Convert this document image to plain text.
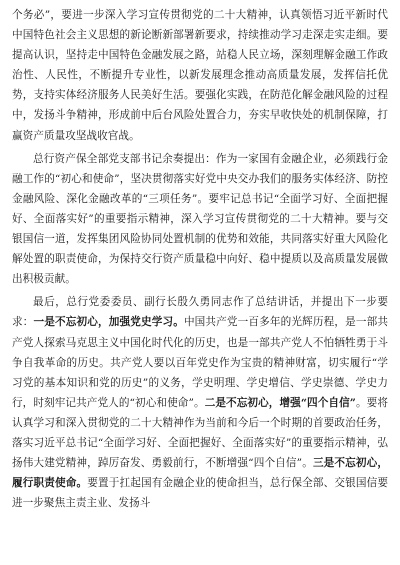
个务必”，要进一步深入学习宣传贯彻党的二十大精神，认真领悟习近平新时代中国特色社会主义思想的新论断新部署新要求，持续推动学习走深走实走细。要提高认识，坚持走中国特色金融发展之路，站稳人民立场，深刻理解金融工作政治性、人民性，不断提升专业性，以新发展理念推动高质量发展，发挥信托优势，支持实体经济服务人民美好生活。要强化实践，在防范化解金融风险的过程中，发扬斗争精神，形成前中后台风险处置合力，夯实早收快处的机制保障，打赢资产质量攻坚战收官战。

总行资产保全部党支部书记余奏提出：作为一家国有金融企业，必须践行金融工作的“初心和使命”，坚决贯彻落实好党中央交办我们的服务实体经济、防控金融风险、深化金融改革的“三项任务”。要牢记总书记“全面学习好、全面把握好、全面落实好”的重要指示精神，深入学习宣传贯彻党的二十大精神。要与交银国信一道，发挥集团风险协同处置机制的优势和效能，共同落实好重大风险化解处置的职责使命，为保持交行资产质量稳中向好、稳中提质以及高质量发展做出积极贡献。

最后，总行党委委员、副行长殷久勇同志作了总结讲话，并提出下一步要求：一是不忘初心，加强党史学习。中国共产党一百多年的光辉历程，是一部共产党人探索马克思主义中国化时代化的历史，也是一部共产党人不怕牺牲勇于斗争自我革命的历史。共产党人要以百年党史作为宝贵的精神财富，切实履行“学习党的基本知识和党的历史”的义务，学史明理、学史增信、学史崇德、学史力行，时刻牢记共产党人的“初心和使命”。二是不忘初心，增强“四个自信”。要将认真学习和深入贯彻党的二十大精神作为当前和今后一个时期的首要政治任务，落实习近平总书记“全面学习好、全面把握好、全面落实好”的重要指示精神，弘扬伟大建党精神，踔厉奋发、勇毅前行，不断增强“四个自信”。三是不忘初心，履行职责使命。要置于扛起国有金融企业的使命担当，总行保全部、交银国信要进一步聚焦主责主业、发扬斗
